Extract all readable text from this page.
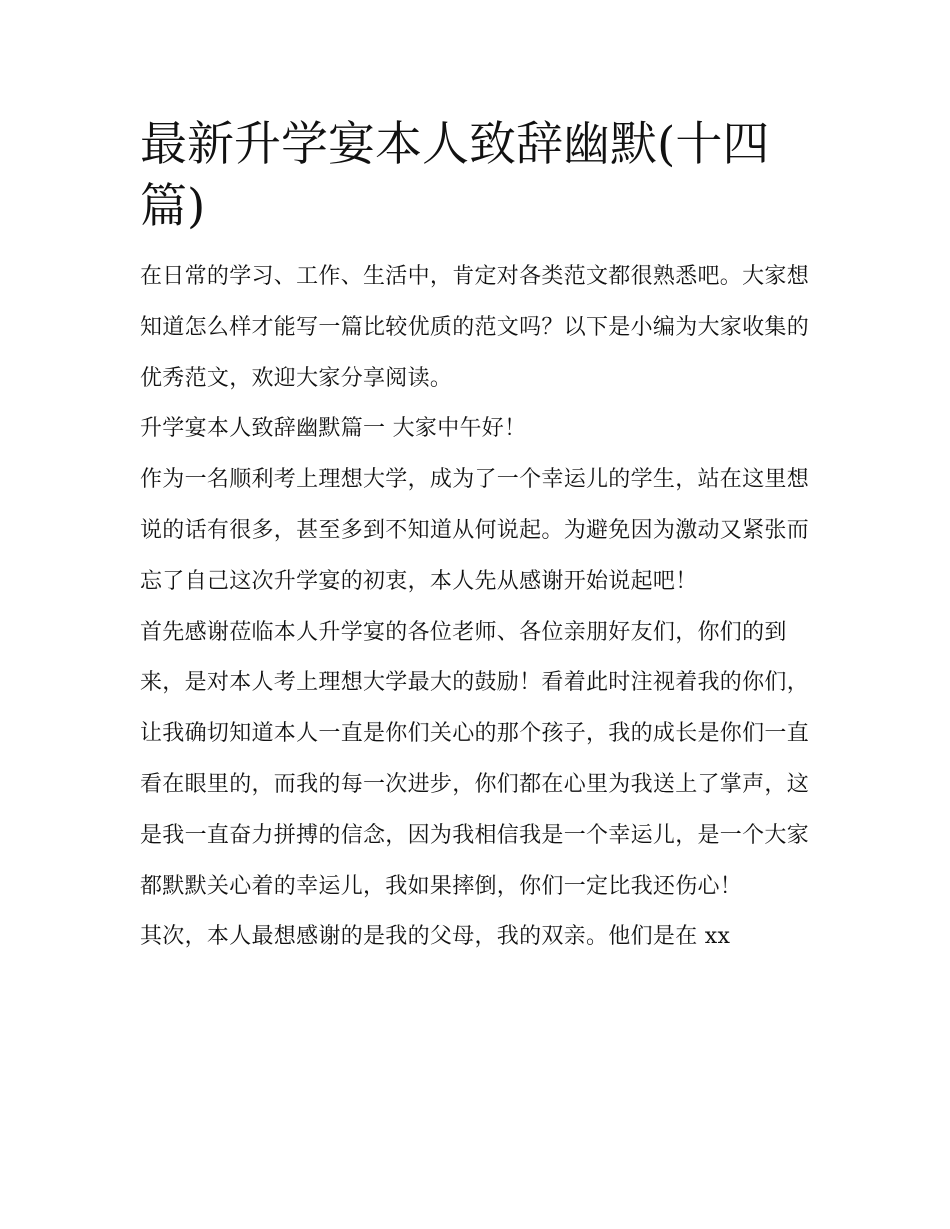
最新升学宴本人致辞幽默(十四篇)

在日常的学习、工作、生活中，肯定对各类范文都很熟悉吧。大家想知道怎么样才能写一篇比较优质的范文吗？以下是小编为大家收集的优秀范文，欢迎大家分享阅读。

升学宴本人致辞幽默篇一 大家中午好！

作为一名顺利考上理想大学，成为了一个幸运儿的学生，站在这里想说的话有很多，甚至多到不知道从何说起。为避免因为激动又紧张而忘了自己这次升学宴的初衷，本人先从感谢开始说起吧！

首先感谢莅临本人升学宴的各位老师、各位亲朋好友们，你们的到来，是对本人考上理想大学最大的鼓励！看着此时注视着我的你们，让我确切知道本人一直是你们关心的那个孩子，我的成长是你们一直看在眼里的，而我的每一次进步，你们都在心里为我送上了掌声，这是我一直奋力拼搏的信念，因为我相信我是一个幸运儿，是一个大家都默默关心着的幸运儿，我如果摔倒，你们一定比我还伤心！

其次，本人最想感谢的是我的父母，我的双亲。他们是在 xx
